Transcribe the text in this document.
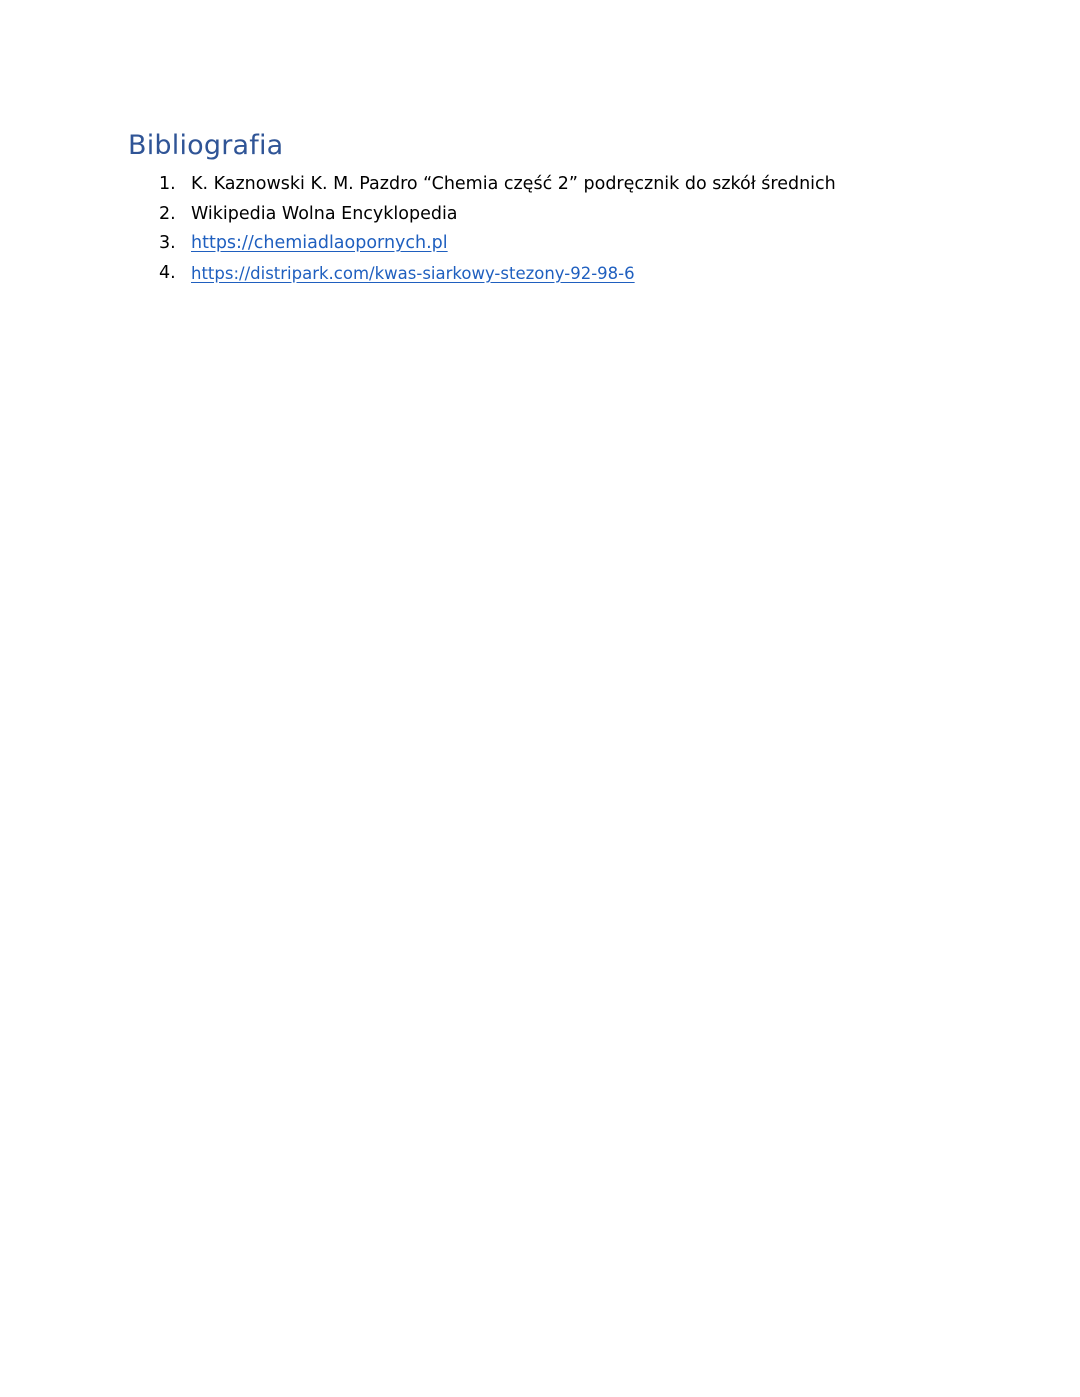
Bibliografia
1. K. Kaznowski K. M. Pazdro “Chemia część 2” podręcznik do szkół średnich
2. Wikipedia Wolna Encyklopedia
3. https://chemiadlaopornych.pl
4. https://distripark.com/kwas-siarkowy-stezony-92-98-6
